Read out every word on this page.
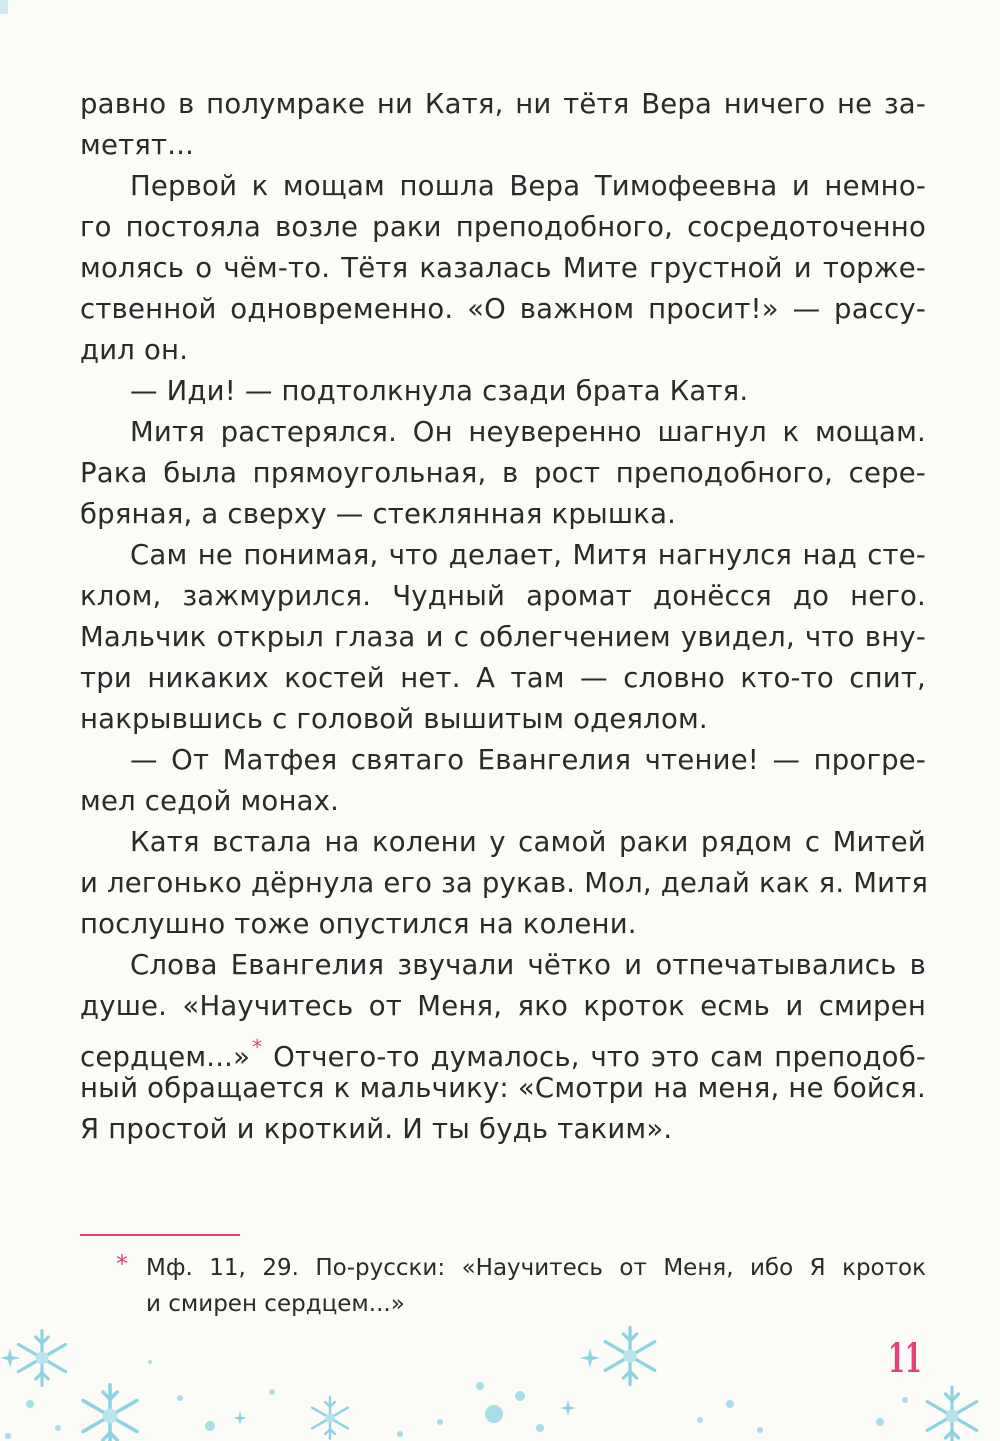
равно в полумраке ни Катя, ни тётя Вера ничего не за-
метят...
Первой к мощам пошла Вера Тимофеевна и немно-
го постояла возле раки преподобного, сосредоточенно
молясь о чём-то. Тётя казалась Мите грустной и торже-
ственной одновременно. «О важном просит!» — рассу-
дил он.
— Иди! — подтолкнула сзади брата Катя.
Митя растерялся. Он неуверенно шагнул к мощам.
Рака была прямоугольная, в рост преподобного, сере-
бряная, а сверху — стеклянная крышка.
Сам не понимая, что делает, Митя нагнулся над сте-
клом, зажмурился. Чудный аромат донёсся до него.
Мальчик открыл глаза и с облегчением увидел, что вну-
три никаких костей нет. А там — словно кто-то спит,
накрывшись с головой вышитым одеялом.
— От Матфея святаго Евангелия чтение! — прогре-
мел седой монах.
Катя встала на колени у самой раки рядом с Митей
и легонько дёрнула его за рукав. Мол, делай как я. Митя
послушно тоже опустился на колени.
Слова Евангелия звучали чётко и отпечатывались в
душе. «Научитесь от Меня, яко кроток есмь и смирен
сердцем...» * Отчего-то думалось, что это сам преподоб-
ный обращается к мальчику: «Смотри на меня, не бойся.
Я простой и кроткий. И ты будь таким».
* Мф. 11, 29. По-русски: «Научитесь от Меня, ибо Я кроток
и смирен сердцем...»
11
